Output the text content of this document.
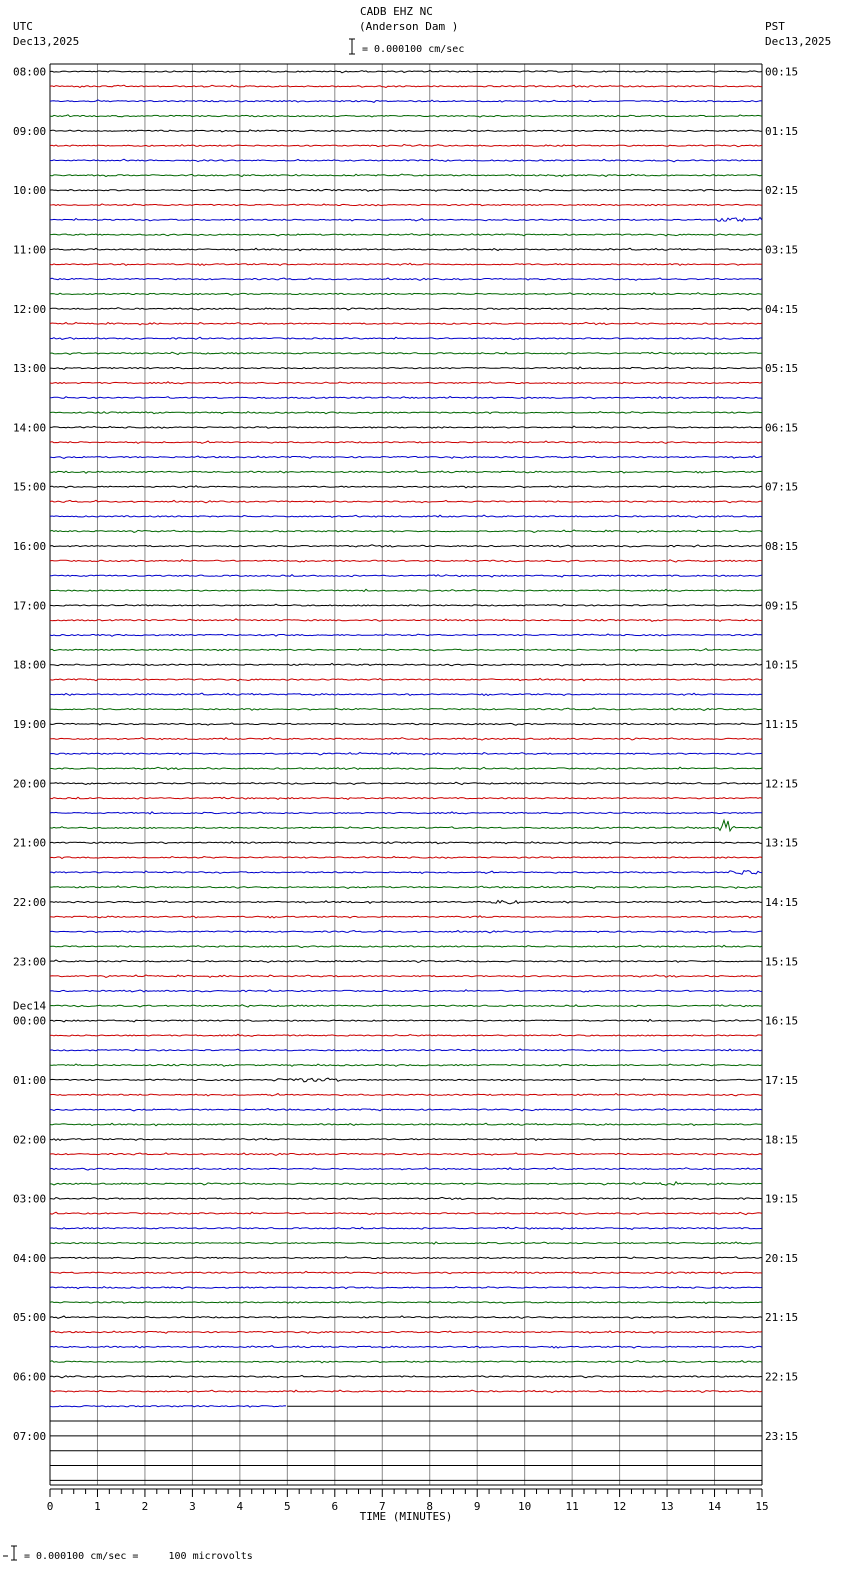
UTC
Dec13,2025
CADB EHZ NC
(Anderson Dam )	PST
Dec13,2025
= 0.000100 cm/sec
= 0.000100 cm/sec =     100 microvolts
08:00
09:00
10:00
11:00
12:00
13:00
14:00
15:00
16:00
17:00
18:00
19:00
20:00
21:00
22:00
23:00
Dec14
00:00
01:00
02:00
03:00
04:00
05:00
06:00
07:00
00:15
01:15
02:15
03:15
04:15
05:15
06:15
07:15
08:15
09:15
10:15
11:15
12:15
13:15
14:15
15:15
16:15
17:15
18:15
19:15
20:15
21:15
22:15
23:15
0	1	2	3	4	5	6	7	8	9	10	11	12	13	14	15
TIME (MINUTES)
